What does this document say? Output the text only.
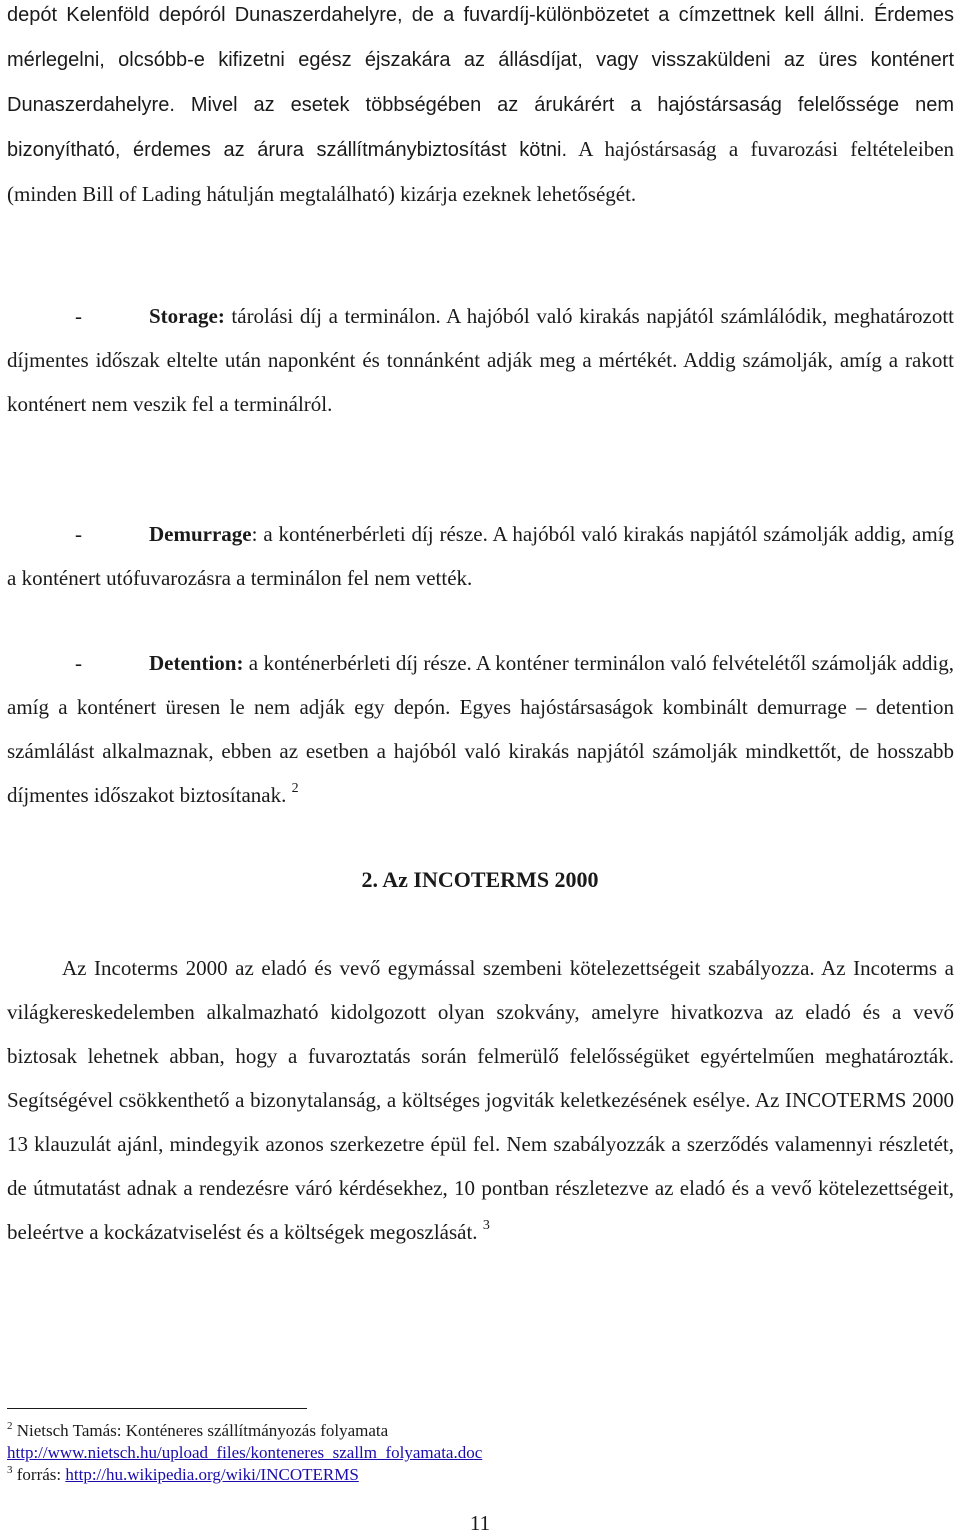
depót Kelenföld depóról Dunaszerdahelyre, de a fuvardíj-különbözetet a címzettnek kell állni. Érdemes mérlegelni, olcsóbb-e kifizetni egész éjszakára az állásdíjat, vagy visszaküldeni az üres konténert Dunaszerdahelyre. Mivel az esetek többségében az árukárért a hajóstársaság felelőssége nem bizonyítható, érdemes az árura szállítmánybiztosítást kötni. A hajóstársaság a fuvarozási feltételeiben (minden Bill of Lading hátulján megtalálható) kizárja ezeknek lehetőségét.

-	Storage: tárolási díj a terminálon. A hajóból való kirakás napjától számlálódik, meghatározott díjmentes időszak eltelte után naponként és tonnánként adják meg a mértékét. Addig számolják, amíg a rakott konténert nem veszik fel a terminálról.

-	Demurrage: a konténerbérleti díj része. A hajóból való kirakás napjától számolják addig, amíg a konténert utófuvarozásra a terminálon fel nem vették.

-	Detention: a konténerbérleti díj része. A konténer terminálon való felvételétől számolják addig, amíg a konténert üresen le nem adják egy depón. Egyes hajóstársaságok kombinált demurrage – detention számlálást alkalmaznak, ebben az esetben a hajóból való kirakás napjától számolják mindkettőt, de hosszabb díjmentes időszakot biztosítanak. $^2$

2. Az INCOTERMS 2000

Az Incoterms 2000 az eladó és vevő egymással szembeni kötelezettségeit szabályozza. Az Incoterms a világkereskedelemben alkalmazható kidolgozott olyan szokvány, amelyre hivatkozva az eladó és a vevő biztosak lehetnek abban, hogy a fuvaroztatás során felmerülő felelősségüket egyértelműen meghatározták. Segítségével csökkenthető a bizonytalanság, a költséges jogviták keletkezésének esélye. Az INCOTERMS 2000 13 klauzulát ajánl, mindegyik azonos szerkezetre épül fel. Nem szabályozzák a szerződés valamennyi részletét, de útmutatást adnak a rendezésre váró kérdésekhez, 10 pontban részletezve az eladó és a vevő kötelezettségeit, beleértve a kockázatviselést és a költségek megoszlását. $^3$

$^2$ Nietsch Tamás: Konténeres szállítmányozás folyamata
http://www.nietsch.hu/upload_files/konteneres_szallm_folyamata.doc

$^3$ forrás: http://hu.wikipedia.org/wiki/INCOTERMS

11
